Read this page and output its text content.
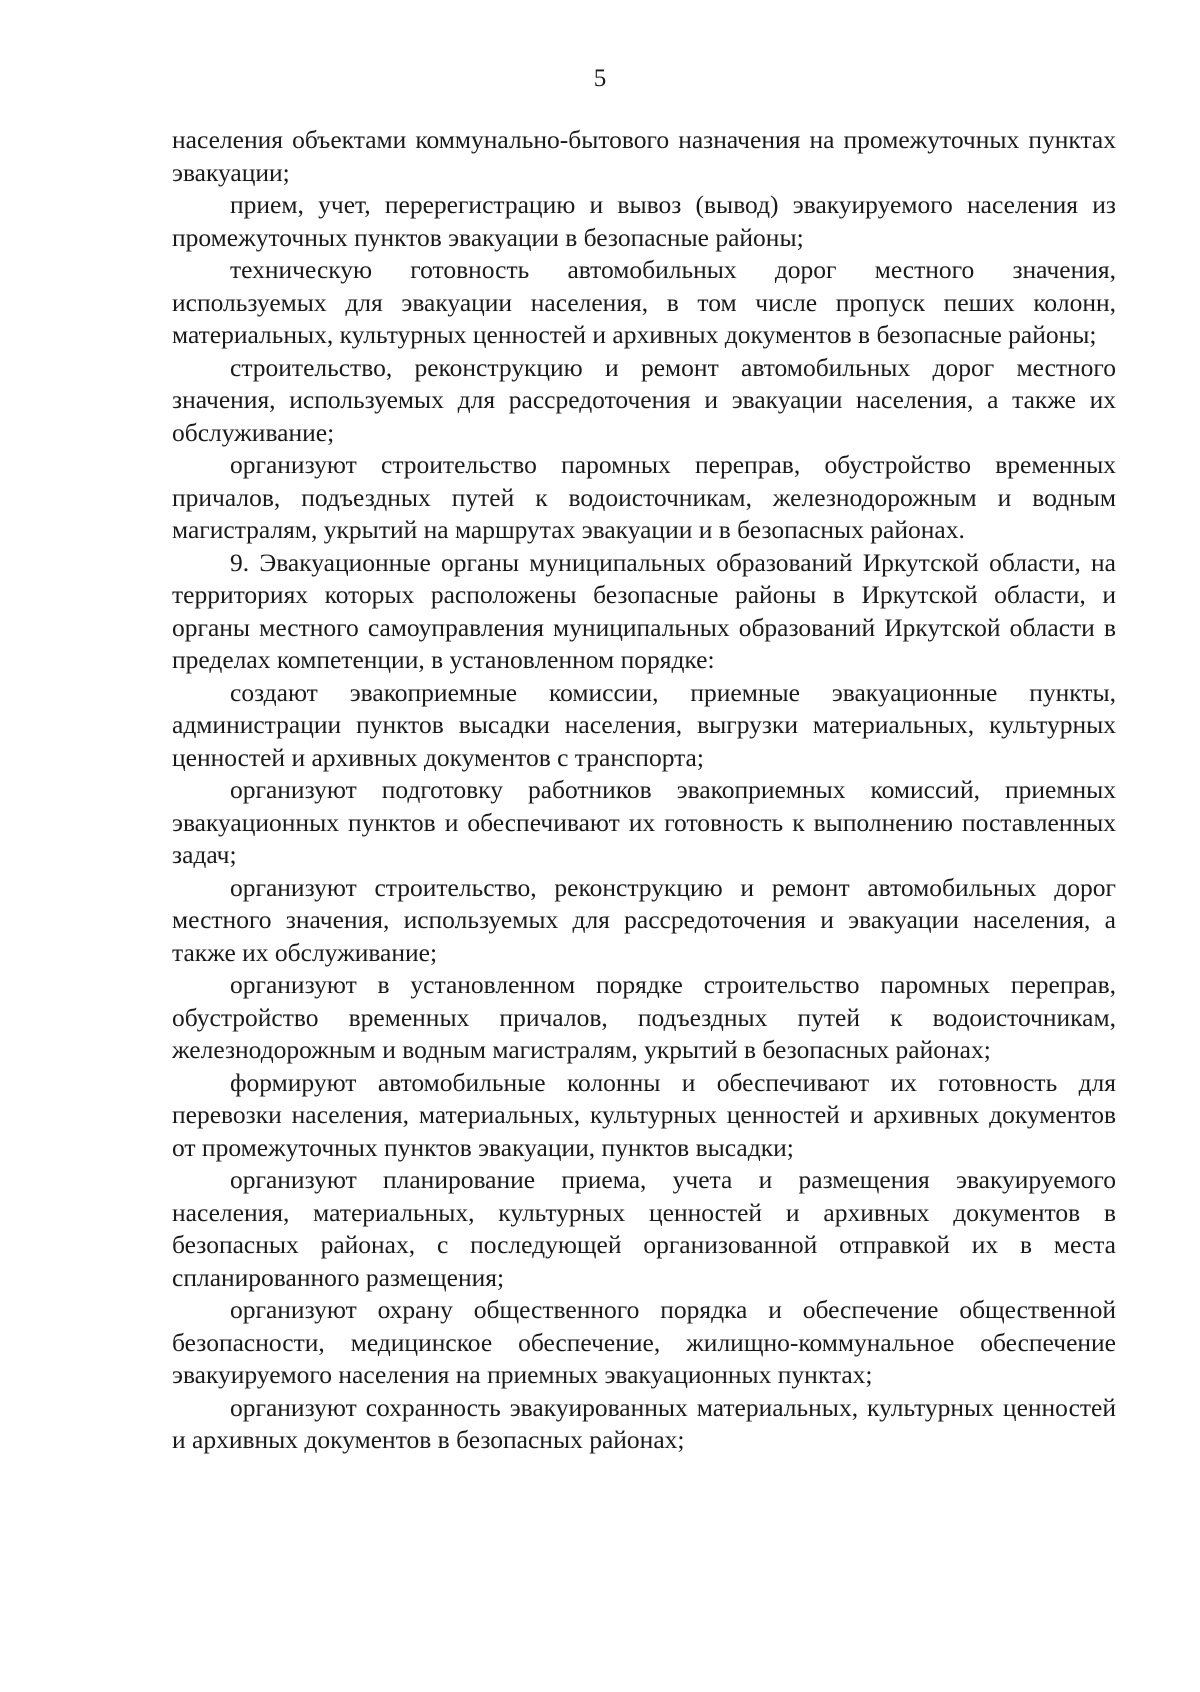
5

населения объектами коммунально-бытового назначения на промежуточных пунктах эвакуации;

прием, учет, перерегистрацию и вывоз (вывод) эвакуируемого населения из промежуточных пунктов эвакуации в безопасные районы;

техническую готовность автомобильных дорог местного значения, используемых для эвакуации населения, в том числе пропуск пеших колонн, материальных, культурных ценностей и архивных документов в безопасные районы;

строительство, реконструкцию и ремонт автомобильных дорог местного значения, используемых для рассредоточения и эвакуации населения, а также их обслуживание;

организуют строительство паромных переправ, обустройство временных причалов, подъездных путей к водоисточникам, железнодорожным и водным магистралям, укрытий на маршрутах эвакуации и в безопасных районах.

9. Эвакуационные органы муниципальных образований Иркутской области, на территориях которых расположены безопасные районы в Иркутской области, и органы местного самоуправления муниципальных образований Иркутской области в пределах компетенции, в установленном порядке:

создают эвакоприемные комиссии, приемные эвакуационные пункты, администрации пунктов высадки населения, выгрузки материальных, культурных ценностей и архивных документов с транспорта;

организуют подготовку работников эвакоприемных комиссий, приемных эвакуационных пунктов и обеспечивают их готовность к выполнению поставленных задач;

организуют строительство, реконструкцию и ремонт автомобильных дорог местного значения, используемых для рассредоточения и эвакуации населения, а также их обслуживание;

организуют в установленном порядке строительство паромных переправ, обустройство временных причалов, подъездных путей к водоисточникам, железнодорожным и водным магистралям, укрытий в безопасных районах;

формируют автомобильные колонны и обеспечивают их готовность для перевозки населения, материальных, культурных ценностей и архивных документов от промежуточных пунктов эвакуации, пунктов высадки;

организуют планирование приема, учета и размещения эвакуируемого населения, материальных, культурных ценностей и архивных документов в безопасных районах, с последующей организованной отправкой их в места спланированного размещения;

организуют охрану общественного порядка и обеспечение общественной безопасности, медицинское обеспечение, жилищно-коммунальное обеспечение эвакуируемого населения на приемных эвакуационных пунктах;

организуют сохранность эвакуированных материальных, культурных ценностей и архивных документов в безопасных районах;
